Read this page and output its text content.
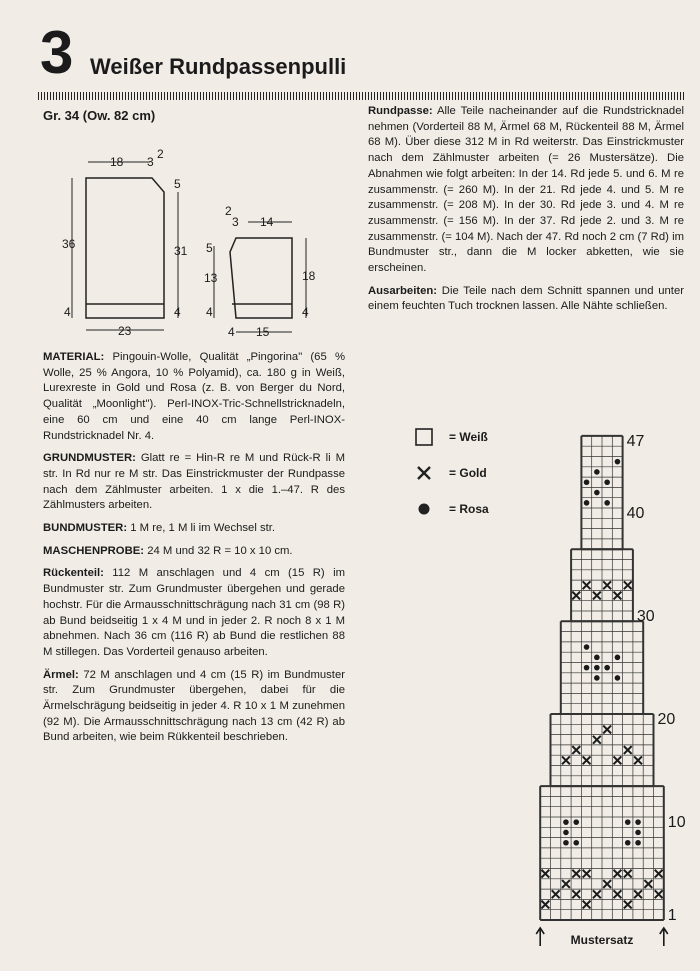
3 Weißer Rundpassenpulli
Gr. 34 (Ow. 82 cm)
18 3
2
36
5
31
4	4
23
2
3 14
4
13
5
18
4
4 15

MATERIAL: Pingouin-Wolle, Qualität „Pingorina" (65 % Wolle, 25 % Angora, 10 % Polyamid), ca. 180 g in Weiß, Lurexreste in Gold und Rosa (z. B. von Berger du Nord, Qualität „Moonlight"). Perl-INOX-Tric-Schnellstricknadeln, eine 60 cm und eine 40 cm lange Perl-INOX-Rundstricknadel Nr. 4.

GRUNDMUSTER: Glatt re = Hin-R re M und Rück-R li M str. In Rd nur re M str. Das Einstrickmuster der Rundpasse nach dem Zählmuster arbeiten. 1 x die 1.–47. R des Zählmusters arbeiten.

BUNDMUSTER: 1 M re, 1 M li im Wechsel str.

MASCHENPROBE: 24 M und 32 R = 10 x 10 cm.

Rückenteil: 112 M anschlagen und 4 cm (15 R) im Bundmuster str. Zum Grundmuster übergehen und gerade hochstr. Für die Armausschnittschrägung nach 31 cm (98 R) ab Bund beidseitig 1 x 4 M und in jeder 2. R noch 8 x 1 M abnehmen. Nach 36 cm (116 R) ab Bund die restlichen 88 M stillegen. Das Vorderteil genauso arbeiten.

Ärmel: 72 M anschlagen und 4 cm (15 R) im Bundmuster str. Zum Grundmuster übergehen, dabei für die Ärmelschrägung beidseitig in jeder 4. R 10 x 1 M zunehmen (92 M). Die Armausschnittschrägung nach 13 cm (42 R) ab Bund arbeiten, wie beim Rükkenteil beschrieben.

Rundpasse: Alle Teile nacheinander auf die Rundstricknadel nehmen (Vorderteil 88 M, Ärmel 68 M, Rückenteil 88 M, Ärmel 68 M). Über diese 312 M in Rd weiterstr. Das Einstrickmuster nach dem Zählmuster arbeiten (= 26 Mustersätze). Die Abnahmen wie folgt arbeiten: In der 14. Rd jede 5. und 6. M re zusammenstr. (= 260 M). In der 21. Rd jede 4. und 5. M re zusammenstr. (= 208 M). In der 30. Rd jede 3. und 4. M re zusammenstr. (= 156 M). In der 37. Rd jede 2. und 3. M re zusammenstr. (= 104 M). Nach der 47. Rd noch 2 cm (7 Rd) im Bundmuster str., dann die M locker abketten, wie sie erscheinen.

Ausarbeiten: Die Teile nach dem Schnitt spannen und unter einem feuchten Tuch trocknen lassen. Alle Nähte schließen.

= Weiß
= Gold
= Rosa
1
10
20
30
40
47
Mustersatz
